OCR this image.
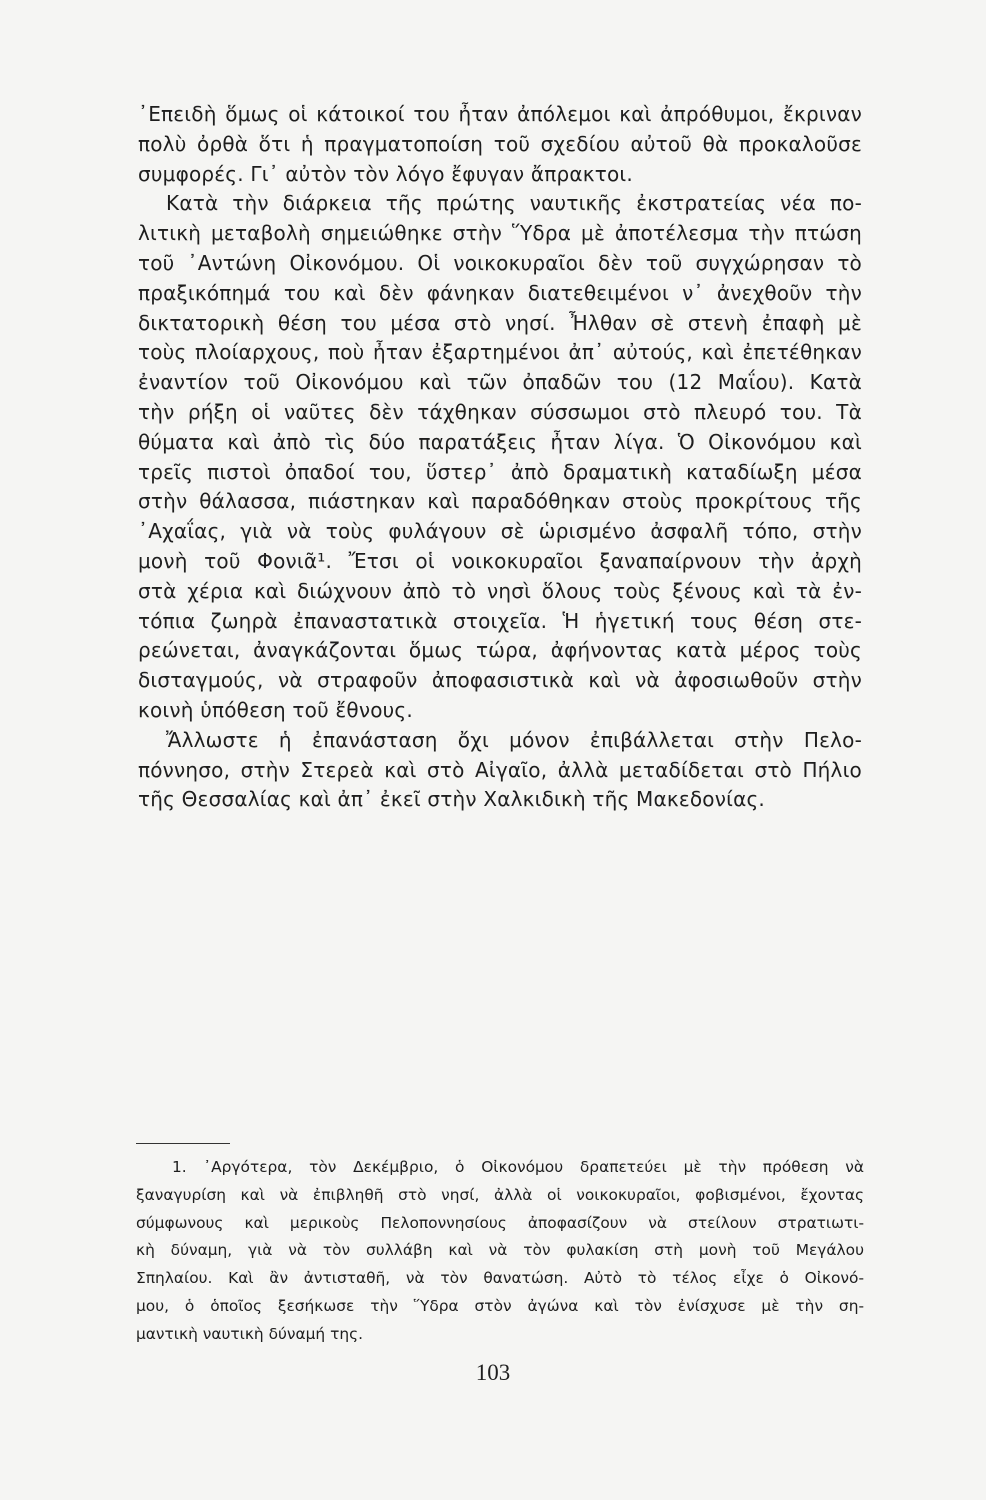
᾿Επειδὴ ὅμως οἱ κάτοικοί του ἦταν ἀπόλεμοι καὶ ἀπρόθυμοι, ἔκριναν
πολὺ ὀρθὰ ὅτι ἡ πραγματοποίση τοῦ σχεδίου αὐτοῦ θὰ προκαλοῦσε
συμφορές. Γι᾿ αὐτὸν τὸν λόγο ἔφυγαν ἄπρακτοι.
Κατὰ τὴν διάρκεια τῆς πρώτης ναυτικῆς ἐκστρατείας νέα πο-
λιτικὴ μεταβολὴ σημειώθηκε στὴν Ὕδρα μὲ ἀποτέλεσμα τὴν πτώση
τοῦ ᾿Αντώνη Οἰκονόμου. Οἱ νοικοκυραῖοι δὲν τοῦ συγχώρησαν τὸ
πραξικόπημά του καὶ δὲν φάνηκαν διατεθειμένοι ν᾿ ἀνεχθοῦν τὴν
δικτατορικὴ θέση του μέσα στὸ νησί. Ἦλθαν σὲ στενὴ ἐπαφὴ μὲ
τοὺς πλοίαρχους, ποὺ ἦταν ἐξαρτημένοι ἀπ᾿ αὐτούς, καὶ ἐπετέθηκαν
ἐναντίον τοῦ Οἰκονόμου καὶ τῶν ὀπαδῶν του (12 Μαΐου). Κατὰ
τὴν ρήξη οἱ ναῦτες δὲν τάχθηκαν σύσσωμοι στὸ πλευρό του. Τὰ
θύματα καὶ ἀπὸ τὶς δύο παρατάξεις ἦταν λίγα. Ὁ Οἰκονόμου καὶ
τρεῖς πιστοὶ ὀπαδοί του, ὕστερ᾿ ἀπὸ δραματικὴ καταδίωξη μέσα
στὴν θάλασσα, πιάστηκαν καὶ παραδόθηκαν στοὺς προκρίτους τῆς
᾿Αχαΐας, γιὰ νὰ τοὺς φυλάγουν σὲ ὡρισμένο ἀσφαλῆ τόπο, στὴν
μονὴ τοῦ Φονιᾶ¹. Ἔτσι οἱ νοικοκυραῖοι ξαναπαίρνουν τὴν ἀρχὴ
στὰ χέρια καὶ διώχνουν ἀπὸ τὸ νησὶ ὅλους τοὺς ξένους καὶ τὰ ἐν-
τόπια ζωηρὰ ἐπαναστατικὰ στοιχεῖα. Ἡ ἡγετική τους θέση στε-
ρεώνεται, ἀναγκάζονται ὅμως τώρα, ἀφήνοντας κατὰ μέρος τοὺς
δισταγμούς, νὰ στραφοῦν ἀποφασιστικὰ καὶ νὰ ἀφοσιωθοῦν στὴν
κοινὴ ὑπόθεση τοῦ ἔθνους.
Ἄλλωστε ἡ ἐπανάσταση ὄχι μόνον ἐπιβάλλεται στὴν Πελο-
πόννησο, στὴν Στερεὰ καὶ στὸ Αἰγαῖο, ἀλλὰ μεταδίδεται στὸ Πήλιο
τῆς Θεσσαλίας καὶ ἀπ᾿ ἐκεῖ στὴν Χαλκιδικὴ τῆς Μακεδονίας.
1. ᾿Αργότερα, τὸν Δεκέμβριο, ὁ Οἰκονόμου δραπετεύει μὲ τὴν πρόθεση νὰ
ξαναγυρίση καὶ νὰ ἐπιβληθῆ στὸ νησί, ἀλλὰ οἱ νοικοκυραῖοι, φοβισμένοι, ἔχοντας
σύμφωνους καὶ μερικοὺς Πελοποννησίους ἀποφασίζουν νὰ στείλουν στρατιωτι-
κὴ δύναμη, γιὰ νὰ τὸν συλλάβη καὶ νὰ τὸν φυλακίση στὴ μονὴ τοῦ Μεγάλου
Σπηλαίου. Καὶ ἂν ἀντισταθῆ, νὰ τὸν θανατώση. Αὐτὸ τὸ τέλος εἶχε ὁ Οἰκονό-
μου, ὁ ὁποῖος ξεσήκωσε τὴν Ὕδρα στὸν ἀγώνα καὶ τὸν ἐνίσχυσε μὲ τὴν ση-
μαντικὴ ναυτικὴ δύναμή της.
103
